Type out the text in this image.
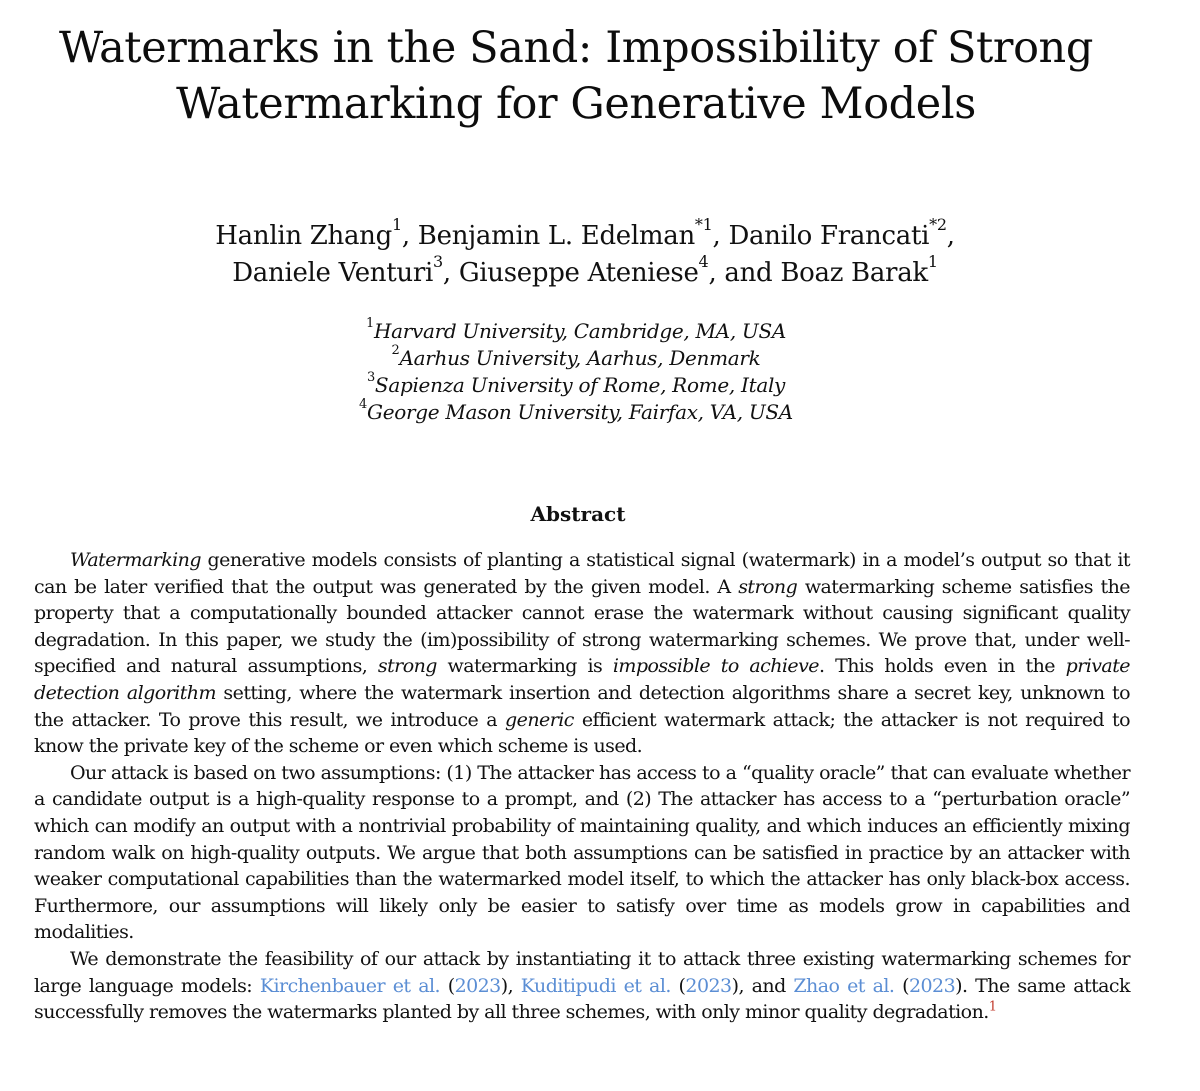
Watermarks in the Sand: Impossibility of Strong
Watermarking for Generative Models
Hanlin Zhang$^1$, Benjamin L. Edelman$^{*1}$, Danilo Francati$^{*2}$,
Daniele Venturi$^3$, Giuseppe Ateniese$^4$, and Boaz Barak$^1$
$^1$Harvard University, Cambridge, MA, USA
$^2$Aarhus University, Aarhus, Denmark
$^3$Sapienza University of Rome, Rome, Italy
$^4$George Mason University, Fairfax, VA, USA
Abstract

Watermarking generative models consists of planting a statistical signal (watermark) in a model’s output so that it can be later verified that the output was generated by the given model. A strong watermarking scheme satisfies the property that a computationally bounded attacker cannot erase the watermark without causing significant quality degradation. In this paper, we study the (im)possibility of strong watermarking schemes. We prove that, under well-specified and natural assumptions, strong watermarking is impossible to achieve. This holds even in the private detection algorithm setting, where the watermark insertion and detection algorithms share a secret key, unknown to the attacker. To prove this result, we introduce a generic efficient watermark attack; the attacker is not required to know the private key of the scheme or even which scheme is used.

Our attack is based on two assumptions: (1) The attacker has access to a “quality oracle” that can evaluate whether a candidate output is a high-quality response to a prompt, and (2) The attacker has access to a “perturbation oracle” which can modify an output with a nontrivial probability of maintaining quality, and which induces an efficiently mixing random walk on high-quality outputs. We argue that both assumptions can be satisfied in practice by an attacker with weaker computational capabilities than the watermarked model itself, to which the attacker has only black-box access. Furthermore, our assumptions will likely only be easier to satisfy over time as models grow in capabilities and modalities.

We demonstrate the feasibility of our attack by instantiating it to attack three existing watermarking schemes for large language models: Kirchenbauer et al. (2023), Kuditipudi et al. (2023), and Zhao et al. (2023). The same attack successfully removes the watermarks planted by all three schemes, with only minor quality degradation.$^1$
